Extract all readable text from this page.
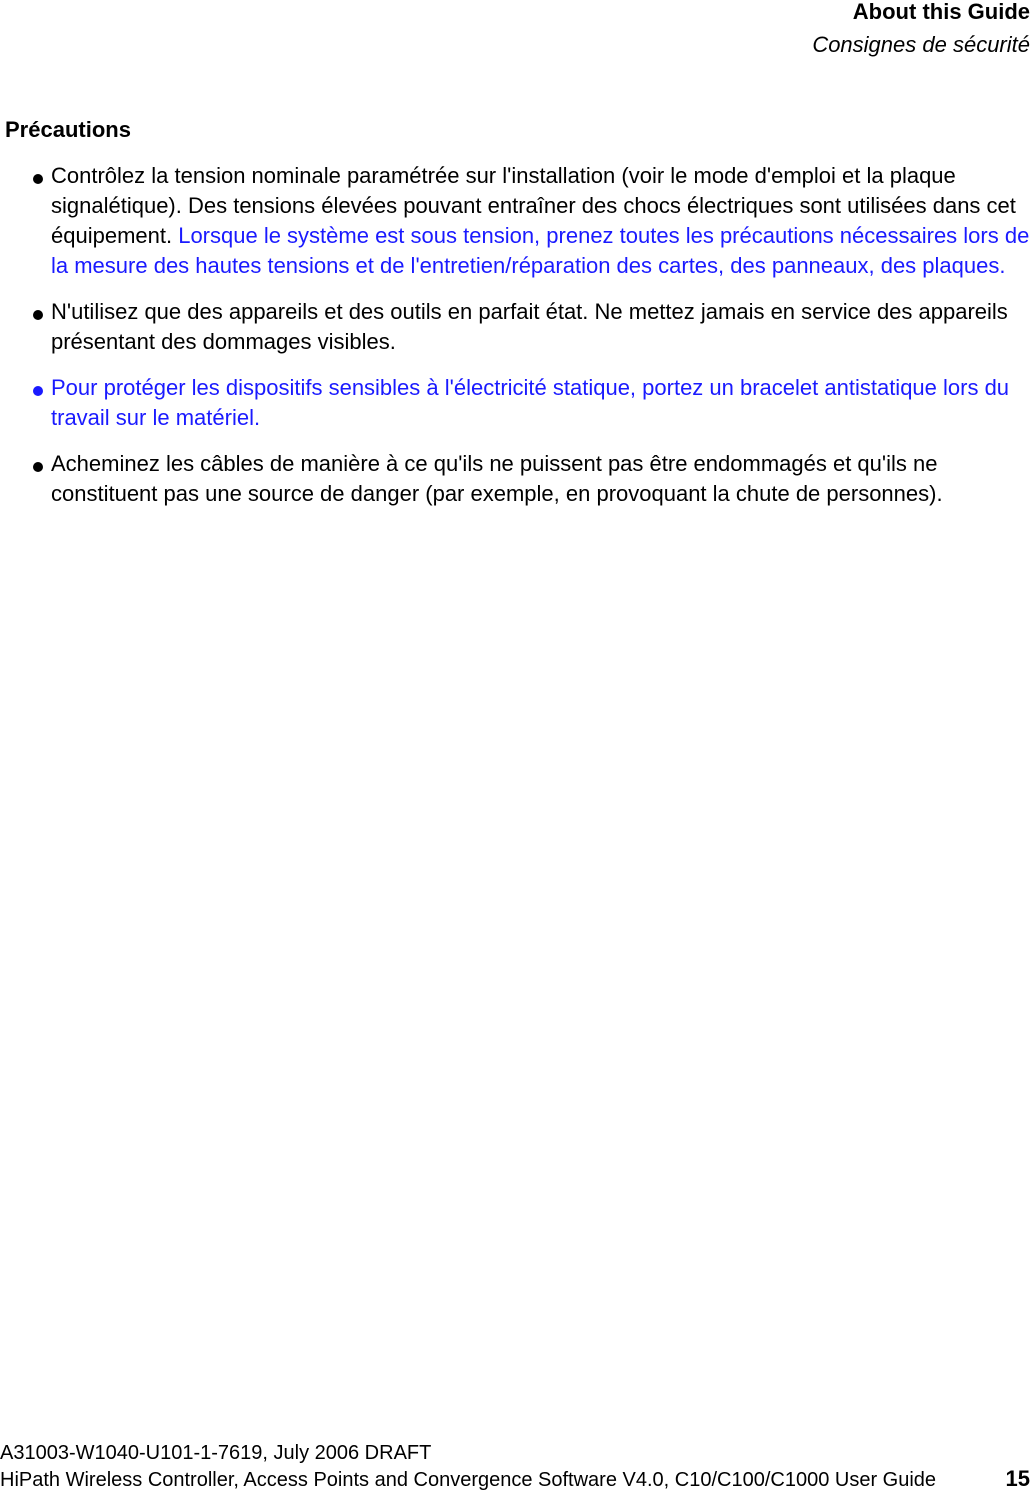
About this Guide
Consignes de sécurité
Précautions
Contrôlez la tension nominale paramétrée sur l'installation (voir le mode d'emploi et la plaque signalétique). Des tensions élevées pouvant entraîner des chocs électriques sont utilisées dans cet équipement. Lorsque le système est sous tension, prenez toutes les précautions nécessaires lors de la mesure des hautes tensions et de l'entretien/réparation des cartes, des panneaux, des plaques.
N'utilisez que des appareils et des outils en parfait état. Ne mettez jamais en service des appareils présentant des dommages visibles.
Pour protéger les dispositifs sensibles à l'électricité statique, portez un bracelet antistatique lors du travail sur le matériel.
Acheminez les câbles de manière à ce qu'ils ne puissent pas être endommagés et qu'ils ne constituent pas une source de danger (par exemple, en provoquant la chute de personnes).
A31003-W1040-U101-1-7619, July 2006 DRAFT
HiPath Wireless Controller, Access Points and Convergence Software V4.0, C10/C100/C1000 User Guide	15
